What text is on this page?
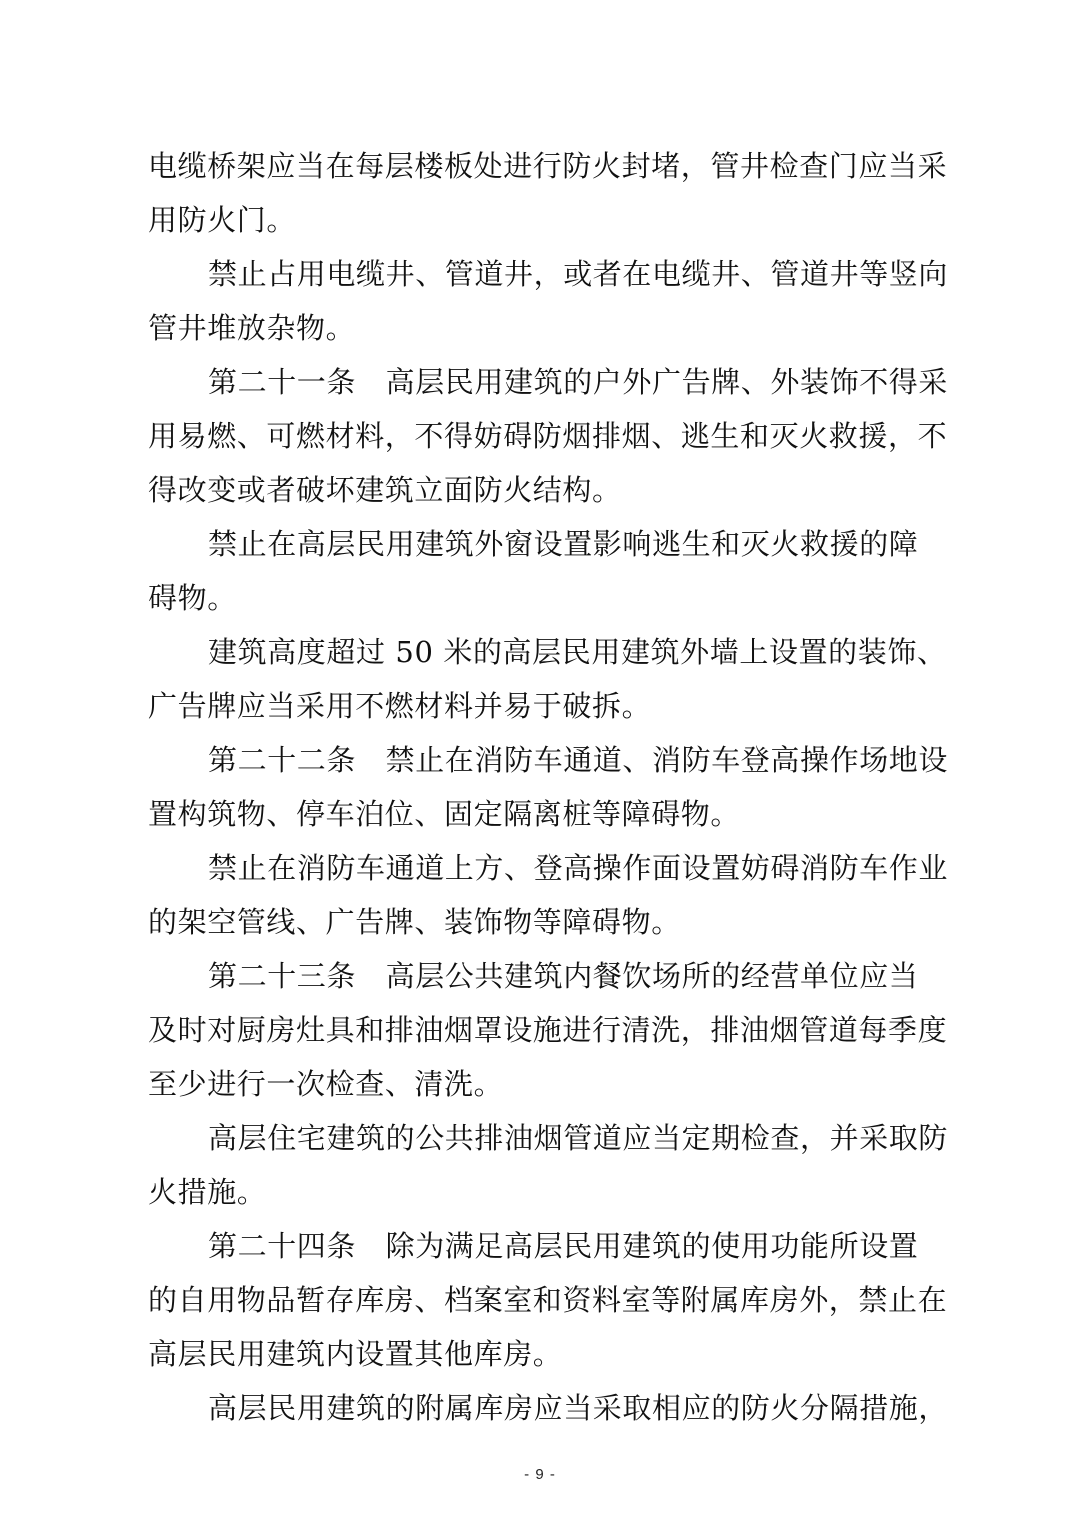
电缆桥架应当在每层楼板处进行防火封堵，管井检查门应当采
用防火门。
禁止占用电缆井、管道井，或者在电缆井、管道井等竖向
管井堆放杂物。
第二十一条　高层民用建筑的户外广告牌、外装饰不得采
用易燃、可燃材料，不得妨碍防烟排烟、逃生和灭火救援，不
得改变或者破坏建筑立面防火结构。
禁止在高层民用建筑外窗设置影响逃生和灭火救援的障
碍物。
建筑高度超过 50 米的高层民用建筑外墙上设置的装饰、
广告牌应当采用不燃材料并易于破拆。
第二十二条　禁止在消防车通道、消防车登高操作场地设
置构筑物、停车泊位、固定隔离桩等障碍物。
禁止在消防车通道上方、登高操作面设置妨碍消防车作业
的架空管线、广告牌、装饰物等障碍物。
第二十三条　高层公共建筑内餐饮场所的经营单位应当
及时对厨房灶具和排油烟罩设施进行清洗，排油烟管道每季度
至少进行一次检查、清洗。
高层住宅建筑的公共排油烟管道应当定期检查，并采取防
火措施。
第二十四条　除为满足高层民用建筑的使用功能所设置
的自用物品暂存库房、档案室和资料室等附属库房外，禁止在
高层民用建筑内设置其他库房。
高层民用建筑的附属库房应当采取相应的防火分隔措施，
- 9 -
